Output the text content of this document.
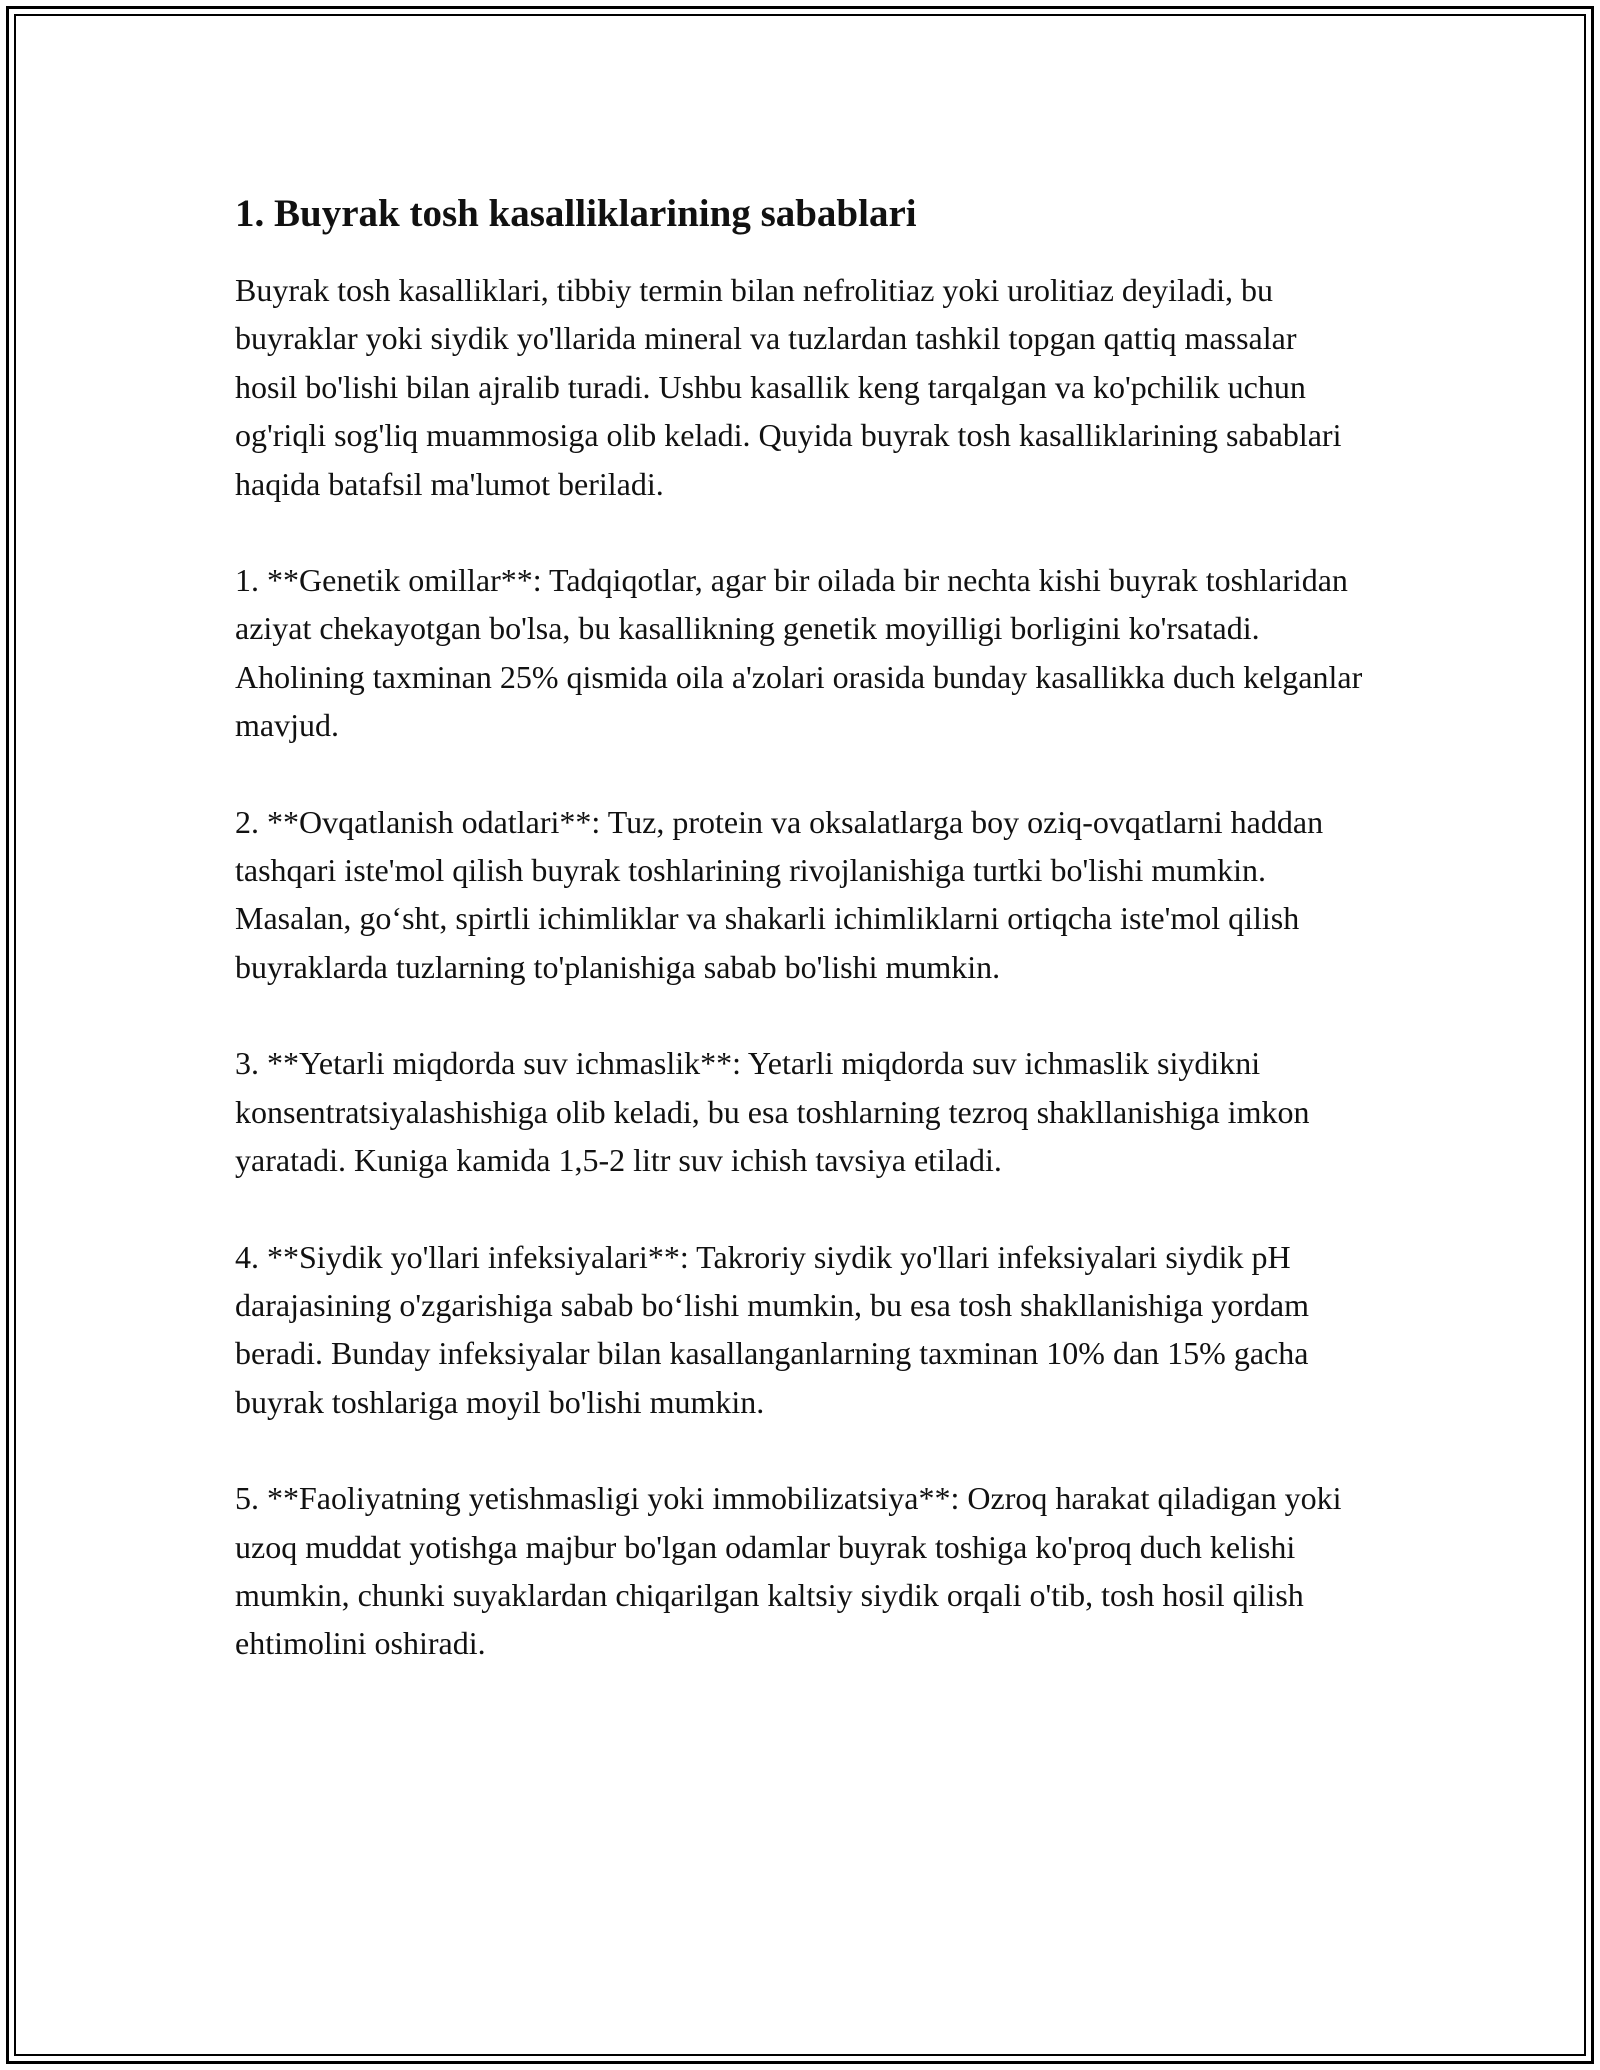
1. Buyrak tosh kasalliklarining sabablari

Buyrak tosh kasalliklari, tibbiy termin bilan nefrolitiaz yoki urolitiaz deyiladi, bu buyraklar yoki siydik yo'llarida mineral va tuzlardan tashkil topgan qattiq massalar hosil bo'lishi bilan ajralib turadi. Ushbu kasallik keng tarqalgan va ko'pchilik uchun og'riqli sog'liq muammosiga olib keladi. Quyida buyrak tosh kasalliklarining sabablari haqida batafsil ma'lumot beriladi.

1. **Genetik omillar**: Tadqiqotlar, agar bir oilada bir nechta kishi buyrak toshlaridan aziyat chekayotgan bo'lsa, bu kasallikning genetik moyilligi borligini ko'rsatadi. Aholining taxminan 25% qismida oila a'zolari orasida bunday kasallikka duch kelganlar mavjud.

2. **Ovqatlanish odatlari**: Tuz, protein va oksalatlarga boy oziq-ovqatlarni haddan tashqari iste'mol qilish buyrak toshlarining rivojlanishiga turtki bo'lishi mumkin. Masalan, go‘sht, spirtli ichimliklar va shakarli ichimliklarni ortiqcha iste'mol qilish buyraklarda tuzlarning to'planishiga sabab bo'lishi mumkin.

3. **Yetarli miqdorda suv ichmaslik**: Yetarli miqdorda suv ichmaslik siydikni konsentratsiyalashishiga olib keladi, bu esa toshlarning tezroq shakllanishiga imkon yaratadi. Kuniga kamida 1,5-2 litr suv ichish tavsiya etiladi.

4. **Siydik yo'llari infeksiyalari**: Takroriy siydik yo'llari infeksiyalari siydik pH darajasining o'zgarishiga sabab bo‘lishi mumkin, bu esa tosh shakllanishiga yordam beradi. Bunday infeksiyalar bilan kasallanganlarning taxminan 10% dan 15% gacha buyrak toshlariga moyil bo'lishi mumkin.

5. **Faoliyatning yetishmasligi yoki immobilizatsiya**: Ozroq harakat qiladigan yoki uzoq muddat yotishga majbur bo'lgan odamlar buyrak toshiga ko'proq duch kelishi mumkin, chunki suyaklardan chiqarilgan kaltsiy siydik orqali o'tib, tosh hosil qilish ehtimolini oshiradi.
